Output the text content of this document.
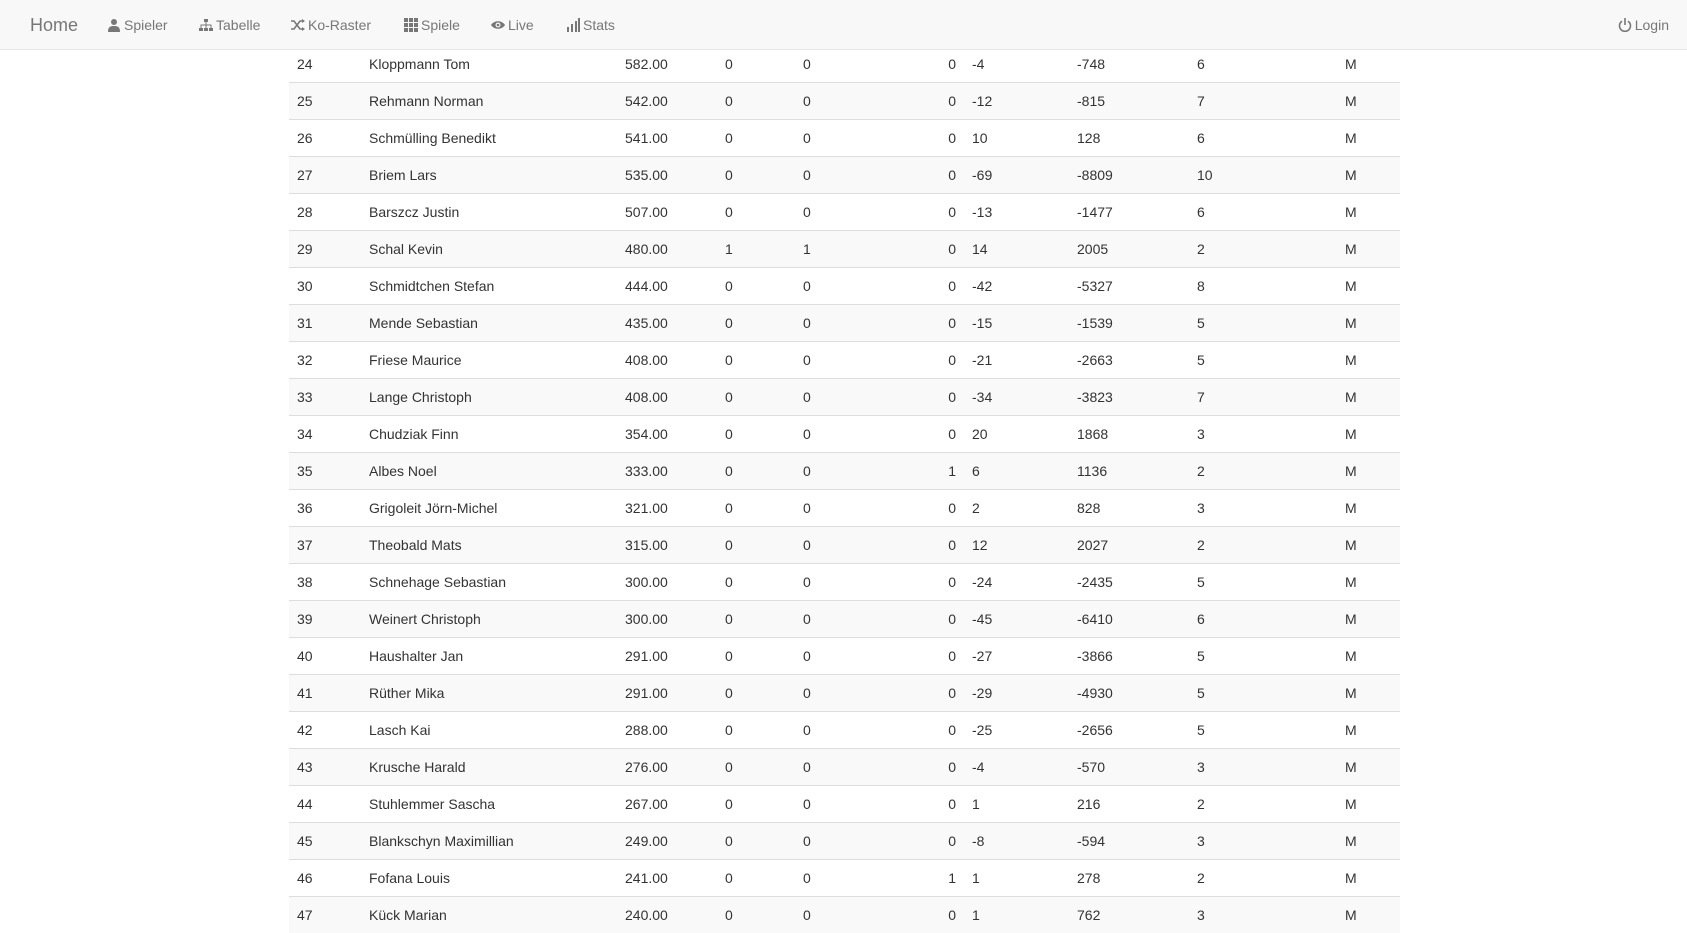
Home	Spieler	Tabelle	Ko-Raster	Spiele	Live	Stats	Login
24	Kloppmann Tom	582.00	0	0	0	-4	-748	6	M
25	Rehmann Norman	542.00	0	0	0	-12	-815	7	M
26	Schmülling Benedikt	541.00	0	0	0	10	128	6	M
27	Briem Lars	535.00	0	0	0	-69	-8809	10	M
28	Barszcz Justin	507.00	0	0	0	-13	-1477	6	M
29	Schal Kevin	480.00	1	1	0	14	2005	2	M
30	Schmidtchen Stefan	444.00	0	0	0	-42	-5327	8	M
31	Mende Sebastian	435.00	0	0	0	-15	-1539	5	M
32	Friese Maurice	408.00	0	0	0	-21	-2663	5	M
33	Lange Christoph	408.00	0	0	0	-34	-3823	7	M
34	Chudziak Finn	354.00	0	0	0	20	1868	3	M
35	Albes Noel	333.00	0	0	1	6	1136	2	M
36	Grigoleit Jörn-Michel	321.00	0	0	0	2	828	3	M
37	Theobald Mats	315.00	0	0	0	12	2027	2	M
38	Schnehage Sebastian	300.00	0	0	0	-24	-2435	5	M
39	Weinert Christoph	300.00	0	0	0	-45	-6410	6	M
40	Haushalter Jan	291.00	0	0	0	-27	-3866	5	M
41	Rüther Mika	291.00	0	0	0	-29	-4930	5	M
42	Lasch Kai	288.00	0	0	0	-25	-2656	5	M
43	Krusche Harald	276.00	0	0	0	-4	-570	3	M
44	Stuhlemmer Sascha	267.00	0	0	0	1	216	2	M
45	Blankschyn Maximillian	249.00	0	0	0	-8	-594	3	M
46	Fofana Louis	241.00	0	0	1	1	278	2	M
47	Kück Marian	240.00	0	0	0	1	762	3	M
